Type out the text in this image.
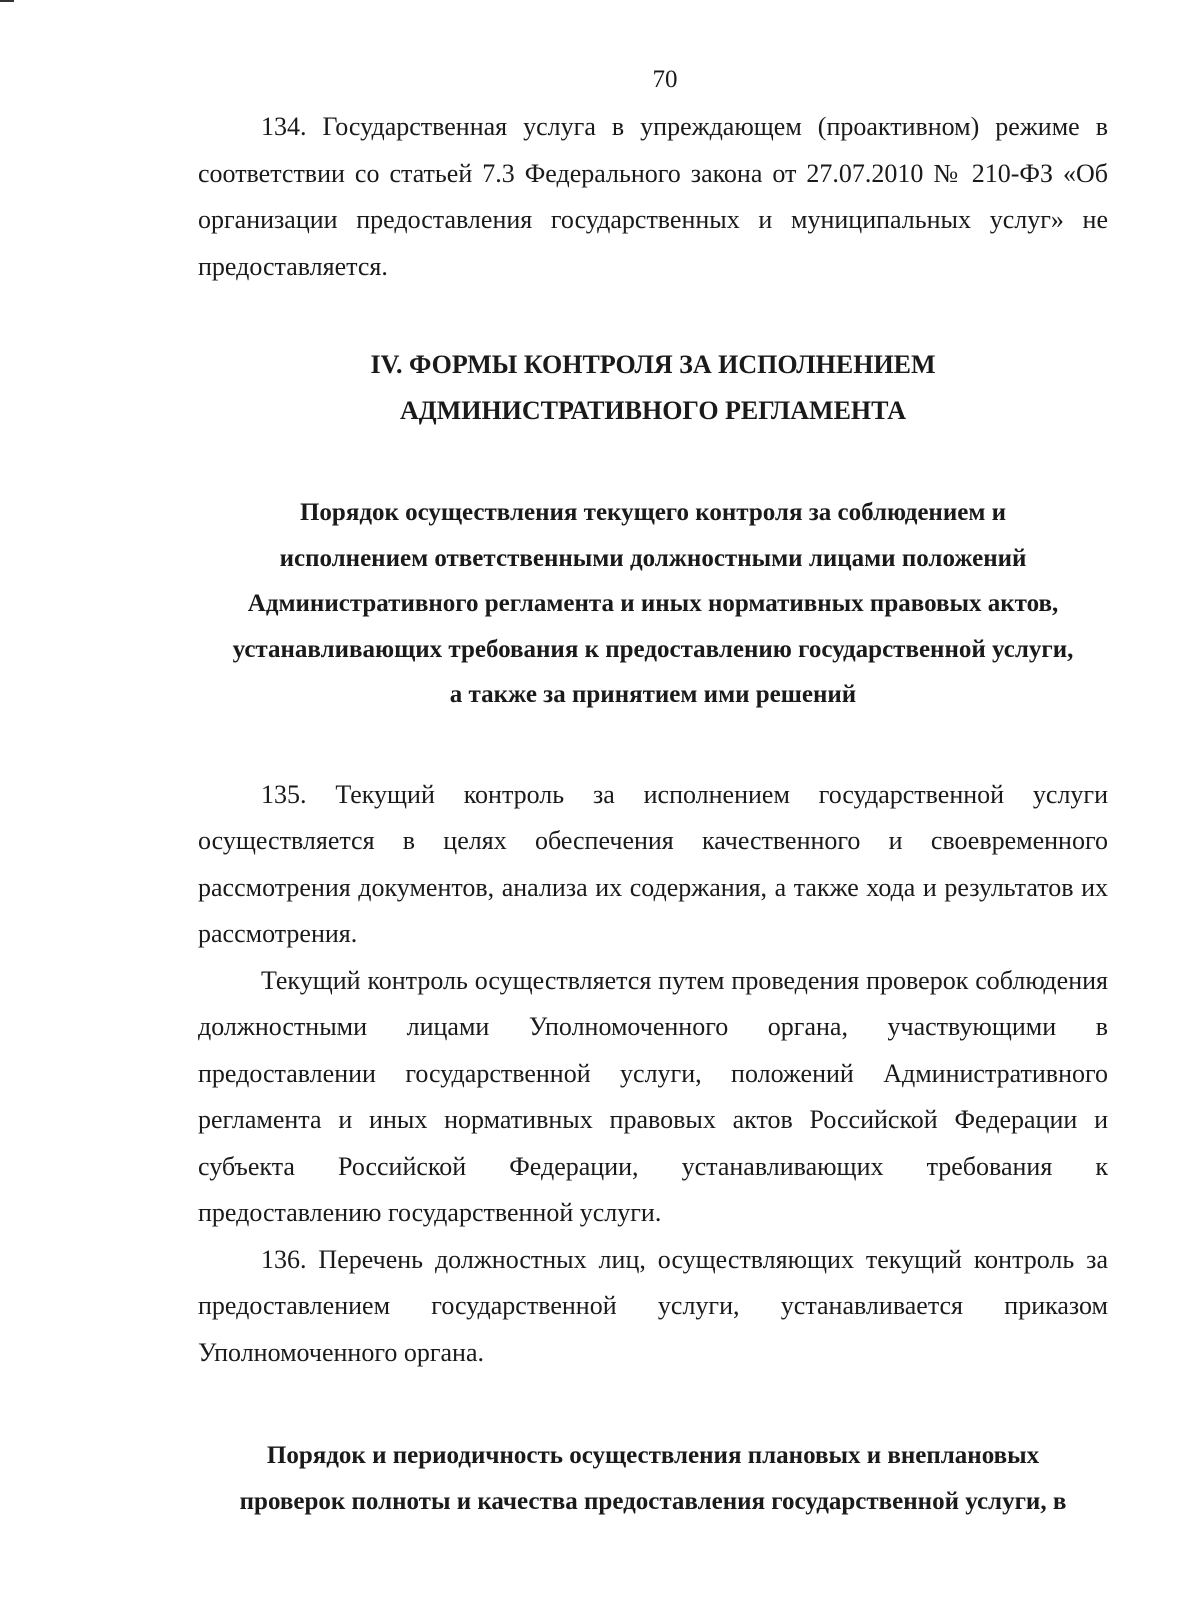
70

134. Государственная услуга в упреждающем (проактивном) режиме в соответствии со статьей 7.3 Федерального закона от 27.07.2010 № 210-ФЗ «Об организации предоставления государственных и муниципальных услуг» не предоставляется.

IV. ФОРМЫ КОНТРОЛЯ ЗА ИСПОЛНЕНИЕМ
АДМИНИСТРАТИВНОГО РЕГЛАМЕНТА
Порядок осуществления текущего контроля за соблюдением и
исполнением ответственными должностными лицами положений
Административного регламента и иных нормативных правовых актов,
устанавливающих требования к предоставлению государственной услуги,
а также за принятием ими решений

135. Текущий контроль за исполнением государственной услуги осуществляется в целях обеспечения качественного и своевременного рассмотрения документов, анализа их содержания, а также хода и результатов их рассмотрения.

Текущий контроль осуществляется путем проведения проверок соблюдения должностными лицами Уполномоченного органа, участвующими в предоставлении государственной услуги, положений Административного регламента и иных нормативных правовых актов Российской Федерации и субъекта Российской Федерации, устанавливающих требования к предоставлению государственной услуги.

136. Перечень должностных лиц, осуществляющих текущий контроль за предоставлением государственной услуги, устанавливается приказом Уполномоченного органа.

Порядок и периодичность осуществления плановых и внеплановых
проверок полноты и качества предоставления государственной услуги, в
